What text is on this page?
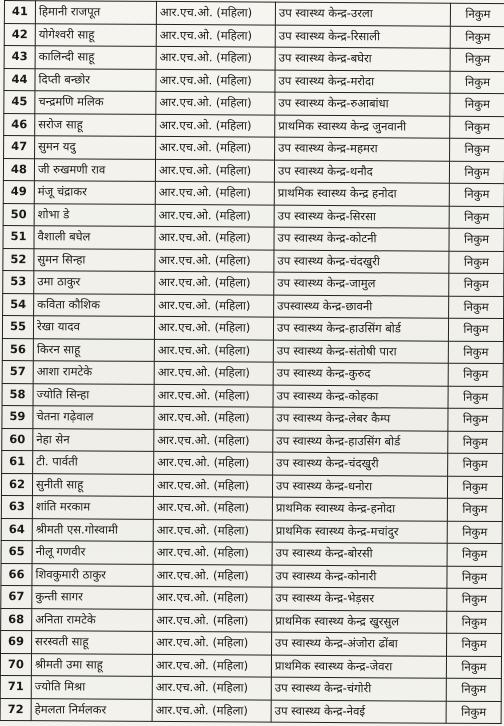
41	हिमानी राजपूत	आर.एच.ओ. (महिला)	उप स्वास्थ्य केन्द्र-उरला	निकुम
42	योगेश्वरी साहू	आर.एच.ओ. (महिला)	उप स्वास्थ्य केन्द्र-रिसाली	निकुम
43	कालिन्दी साहू	आर.एच.ओ. (महिला)	उप स्वास्थ्य केन्द्र-बघेरा	निकुम
44	दिप्ती बन्छोर	आर.एच.ओ. (महिला)	उप स्वास्थ्य केन्द्र-मरोदा	निकुम
45	चन्द्रमणि मलिक	आर.एच.ओ. (महिला)	उप स्वास्थ्य केन्द्र-रुआबांधा	निकुम
46	सरोज साहू	आर.एच.ओ. (महिला)	प्राथमिक स्वास्थ्य केन्द्र जुनवानी	निकुम
47	सुमन यदु	आर.एच.ओ. (महिला)	उप स्वास्थ्य केन्द्र-महमरा	निकुम
48	जी रुखमणी राव	आर.एच.ओ. (महिला)	उप स्वास्थ्य केन्द्र-थनौद	निकुम
49	मंजू चंद्राकर	आर.एच.ओ. (महिला)	प्राथमिक स्वास्थ्य केन्द्र हनोदा	निकुम
50	शोभा डे	आर.एच.ओ. (महिला)	उप स्वास्थ्य केन्द्र-सिरसा	निकुम
51	वैशाली बघेल	आर.एच.ओ. (महिला)	उप स्वास्थ्य केन्द्र-कोटनी	निकुम
52	सुमन सिन्हा	आर.एच.ओ. (महिला)	उप स्वास्थ्य केन्द्र-चंदखुरी	निकुम
53	उमा ठाकुर	आर.एच.ओ. (महिला)	उप स्वास्थ्य केन्द्र-जामुल	निकुम
54	कविता कौशिक	आर.एच.ओ. (महिला)	उपस्वास्थ्य केन्द्र-छावनी	निकुम
55	रेखा यादव	आर.एच.ओ. (महिला)	उप स्वास्थ्य केन्द्र-हाउसिंग बोर्ड	निकुम
56	किरन साहू	आर.एच.ओ. (महिला)	उप स्वास्थ्य केन्द्र-संतोषी पारा	निकुम
57	आशा रामटेके	आर.एच.ओ. (महिला)	उप स्वास्थ्य केन्द्र-कुरुद	निकुम
58	ज्योति सिन्हा	आर.एच.ओ. (महिला)	उप स्वास्थ्य केन्द्र-कोहका	निकुम
59	चेतना गढ़ेवाल	आर.एच.ओ. (महिला)	उप स्वास्थ्य केन्द्र-लेबर कैम्प	निकुम
60	नेहा सेन	आर.एच.ओ. (महिला)	उप स्वास्थ्य केन्द्र-हाउसिंग बोर्ड	निकुम
61	टी. पार्वती	आर.एच.ओ. (महिला)	उप स्वास्थ्य केन्द्र-चंदखुरी	निकुम
62	सुनीती साहू	आर.एच.ओ. (महिला)	उप स्वास्थ्य केन्द्र-धनोरा	निकुम
63	शांति मरकाम	आर.एच.ओ. (महिला)	प्राथमिक स्वास्थ्य केन्द्र-हनोदा	निकुम
64	श्रीमती एस.गोस्वामी	आर.एच.ओ. (महिला)	प्राथमिक स्वास्थ्य केन्द्र-मचांदुर	निकुम
65	नीलू गणवीर	आर.एच.ओ. (महिला)	उप स्वास्थ्य केन्द्र-बोरसी	निकुम
66	शिवकुमारी ठाकुर	आर.एच.ओ. (महिला)	उप स्वास्थ्य केन्द्र-कोनारी	निकुम
67	कुन्ती सागर	आर.एच.ओ. (महिला)	उप स्वास्थ्य केन्द्र-भेड़सर	निकुम
68	अनिता रामटेके	आर.एच.ओ. (महिला)	प्राथमिक स्वास्थ्य केन्द्र खुरसुल	निकुम
69	सरस्वती साहू	आर.एच.ओ. (महिला)	उप स्वास्थ्य केन्द्र-अंजोरा ढोंबा	निकुम
70	श्रीमती उमा साहू	आर.एच.ओ. (महिला)	प्राथमिक स्वास्थ्य केन्द्र-जेवरा	निकुम
71	ज्योति मिश्रा	आर.एच.ओ. (महिला)	उप स्वास्थ्य केन्द्र-चंगोरी	निकुम
72	हेमलता निर्मलकर	आर.एच.ओ. (महिला)	उप स्वास्थ्य केन्द्र-नेवई	निकुम
